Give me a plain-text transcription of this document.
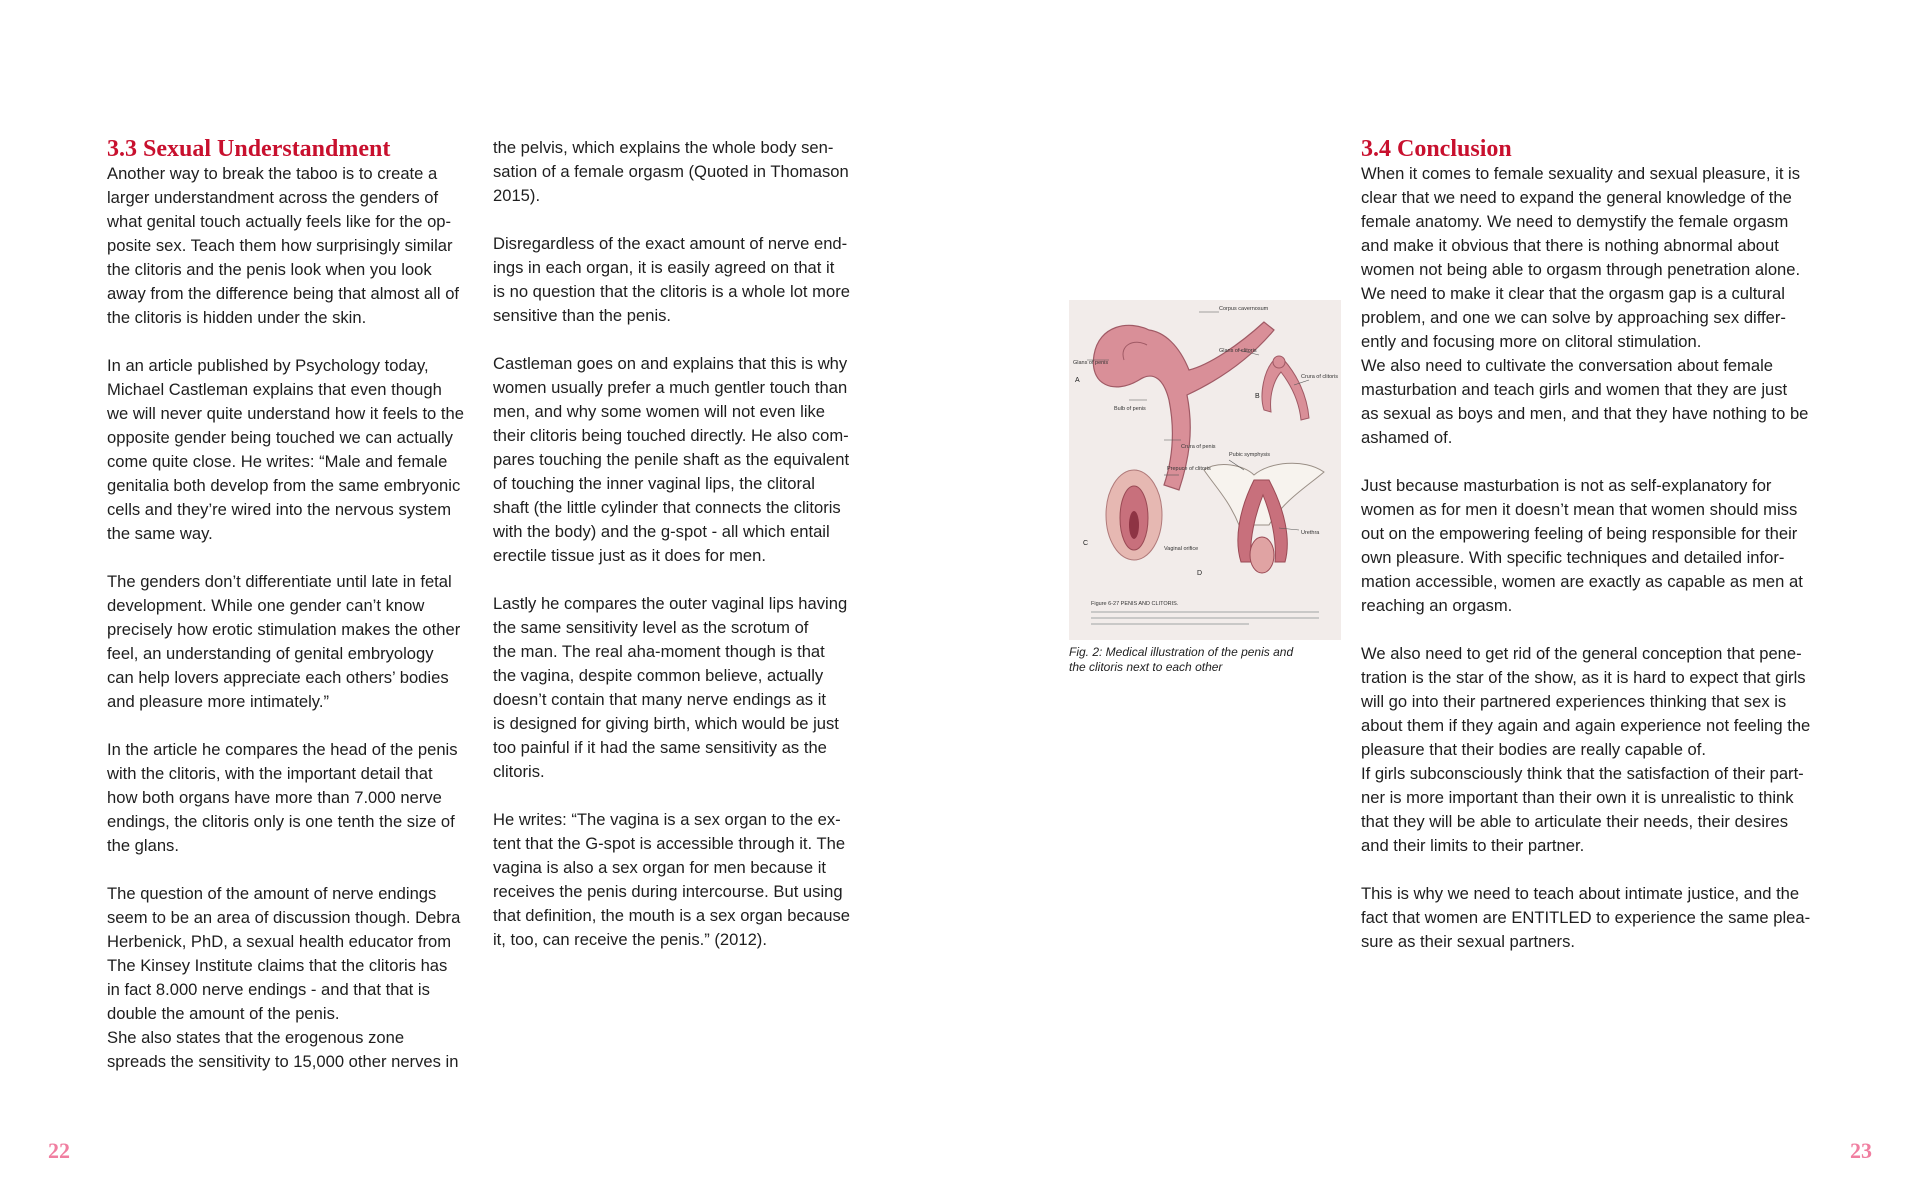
3.3 Sexual Understandment

Another way to break the taboo is to create a
larger understandment across the genders of
what genital touch actually feels like for the op-
posite sex. Teach them how surprisingly similar
the clitoris and the penis look when you look
away from the difference being that almost all of
the clitoris is hidden under the skin.

In an article published by Psychology today,
Michael Castleman explains that even though
we will never quite understand how it feels to the
opposite gender being touched we can actually
come quite close. He writes: “Male and female
genitalia both develop from the same embryonic
cells and they’re wired into the nervous system
the same way.

The genders don’t differentiate until late in fetal
development. While one gender can’t know
precisely how erotic stimulation makes the other
feel, an understanding of genital embryology
can help lovers appreciate each others’ bodies
and pleasure more intimately.”

In the article he compares the head of the penis
with the clitoris, with the important detail that
how both organs have more than 7.000 nerve
endings, the clitoris only is one tenth the size of
the glans.

The question of the amount of nerve endings
seem to be an area of discussion though. Debra
Herbenick, PhD, a sexual health educator from
The Kinsey Institute claims that the clitoris has
in fact 8.000 nerve endings - and that that is
double the amount of the penis.
She also states that the erogenous zone
spreads the sensitivity to 15,000 other nerves in

the pelvis, which explains the whole body sen-
sation of a female orgasm (Quoted in Thomason
2015).

Disregardless of the exact amount of nerve end-
ings in each organ, it is easily agreed on that it
is no question that the clitoris is a whole lot more
sensitive than the penis.

Castleman goes on and explains that this is why
women usually prefer a much gentler touch than
men, and why some women will not even like
their clitoris being touched directly. He also com-
pares touching the penile shaft as the equivalent
of touching the inner vaginal lips, the clitoral
shaft (the little cylinder that connects the clitoris
with the body) and the g-spot - all which entail
erectile tissue just as it does for men.

Lastly he compares the outer vaginal lips having
the same sensitivity level as the scrotum of
the man. The real aha-moment though is that
the vagina, despite common believe, actually
doesn’t contain that many nerve endings as it
is designed for giving birth, which would be just
too painful if it had the same sensitivity as the
clitoris.

He writes: “The vagina is a sex organ to the ex-
tent that the G-spot is accessible through it. The
vagina is also a sex organ for men because it
receives the penis during intercourse. But using
that definition, the mouth is a sex organ because
it, too, can receive the penis.” (2012).

22
Glans of penis
Corpus cavernosum
Bulb of penis
Crura of penis
Glans of clitoris
Crura of clitoris
Prepuce of clitoris
Pubic symphysis
Urethra
Vaginal orifice
A
B
C
D
Figure 6-27 PENIS AND CLITORIS.
Fig. 2: Medical illustration of the penis and
the clitoris next to each other
3.4 Conclusion

When it comes to female sexuality and sexual pleasure, it is
clear that we need to expand the general knowledge of the
female anatomy. We need to demystify the female orgasm
and make it obvious that there is nothing abnormal about
women not being able to orgasm through penetration alone.
We need to make it clear that the orgasm gap is a cultural
problem, and one we can solve by approaching sex differ-
ently and focusing more on clitoral stimulation.
We also need to cultivate the conversation about female
masturbation and teach girls and women that they are just
as sexual as boys and men, and that they have nothing to be
ashamed of.

Just because masturbation is not as self-explanatory for
women as for men it doesn’t mean that women should miss
out on the empowering feeling of being responsible for their
own pleasure. With specific techniques and detailed infor-
mation accessible, women are exactly as capable as men at
reaching an orgasm.

We also need to get rid of the general conception that pene-
tration is the star of the show, as it is hard to expect that girls
will go into their partnered experiences thinking that sex is
about them if they again and again experience not feeling the
pleasure that their bodies are really capable of.
If girls subconsciously think that the satisfaction of their part-
ner is more important than their own it is unrealistic to think
that they will be able to articulate their needs, their desires
and their limits to their partner.

This is why we need to teach about intimate justice, and the
fact that women are ENTITLED to experience the same plea-
sure as their sexual partners.

23
